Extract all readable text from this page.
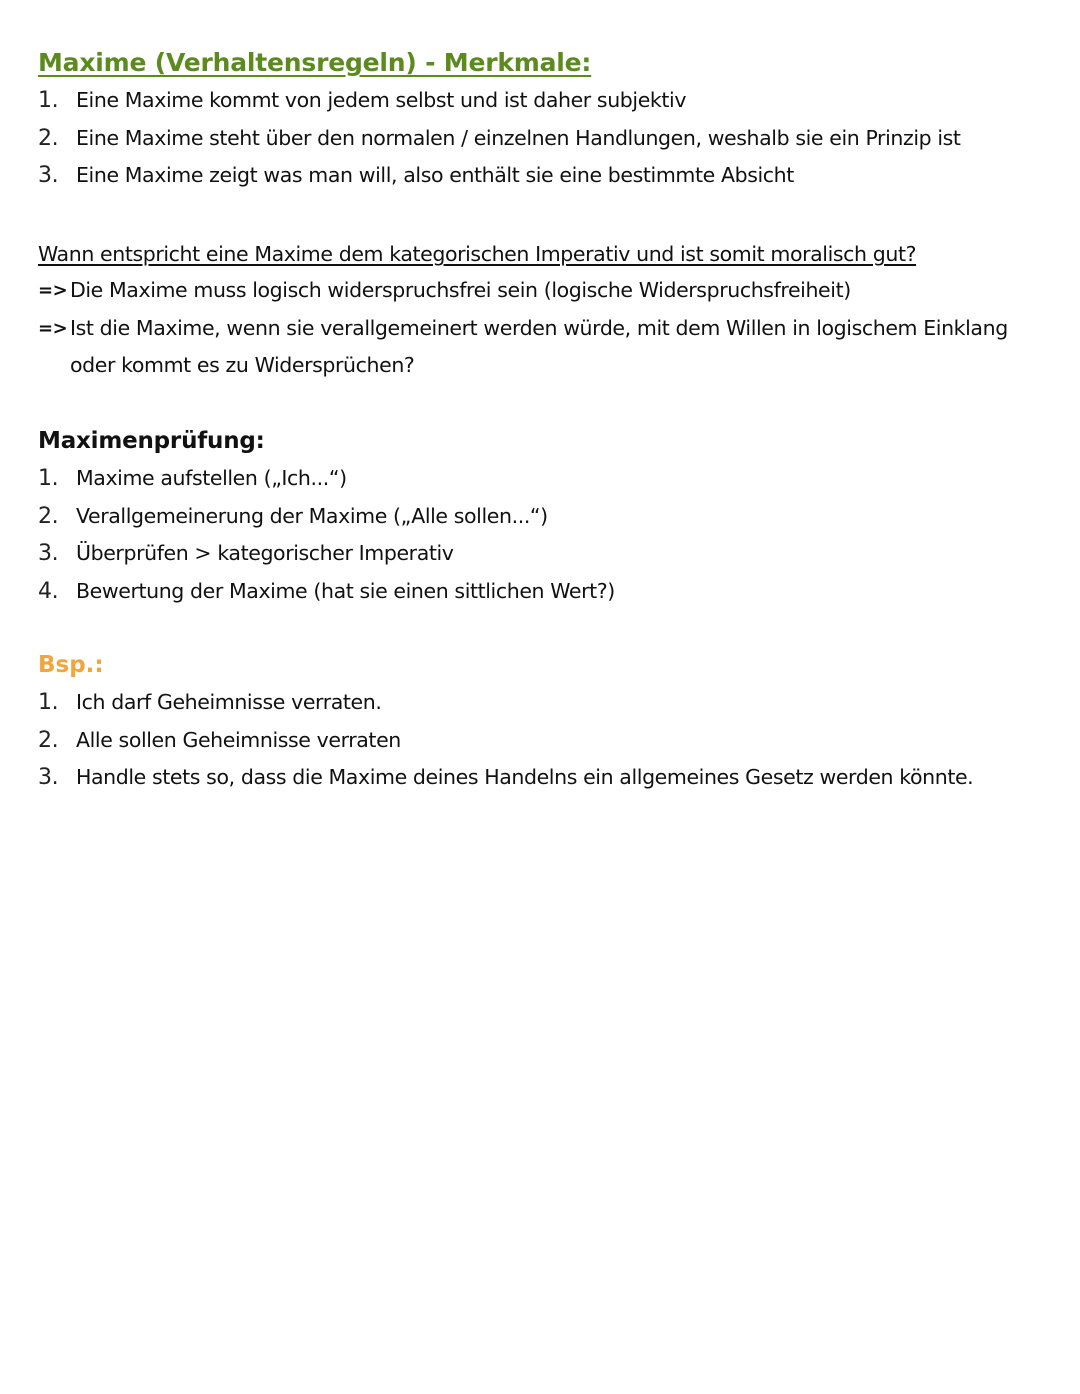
Maxime (Verhaltensregeln) - Merkmale:
1. Eine Maxime kommt von jedem selbst und ist daher subjektiv
2. Eine Maxime steht über den normalen / einzelnen Handlungen, weshalb sie ein Prinzip ist
3. Eine Maxime zeigt was man will, also enthält sie eine bestimmte Absicht

Wann entspricht eine Maxime dem kategorischen Imperativ und ist somit moralisch gut?

=> Die Maxime muss logisch widerspruchsfrei sein (logische Widerspruchsfreiheit)
=> Ist die Maxime, wenn sie verallgemeinert werden würde, mit dem Willen in logischem Einklang oder kommt es zu Widersprüchen?
Maximenprüfung:
1. Maxime aufstellen („Ich...“)
2. Verallgemeinerung der Maxime („Alle sollen...“)
3. Überprüfen > kategorischer Imperativ
4. Bewertung der Maxime (hat sie einen sittlichen Wert?)
Bsp.:
1. Ich darf Geheimnisse verraten.
2. Alle sollen Geheimnisse verraten
3. Handle stets so, dass die Maxime deines Handelns ein allgemeines Gesetz werden könnte.
